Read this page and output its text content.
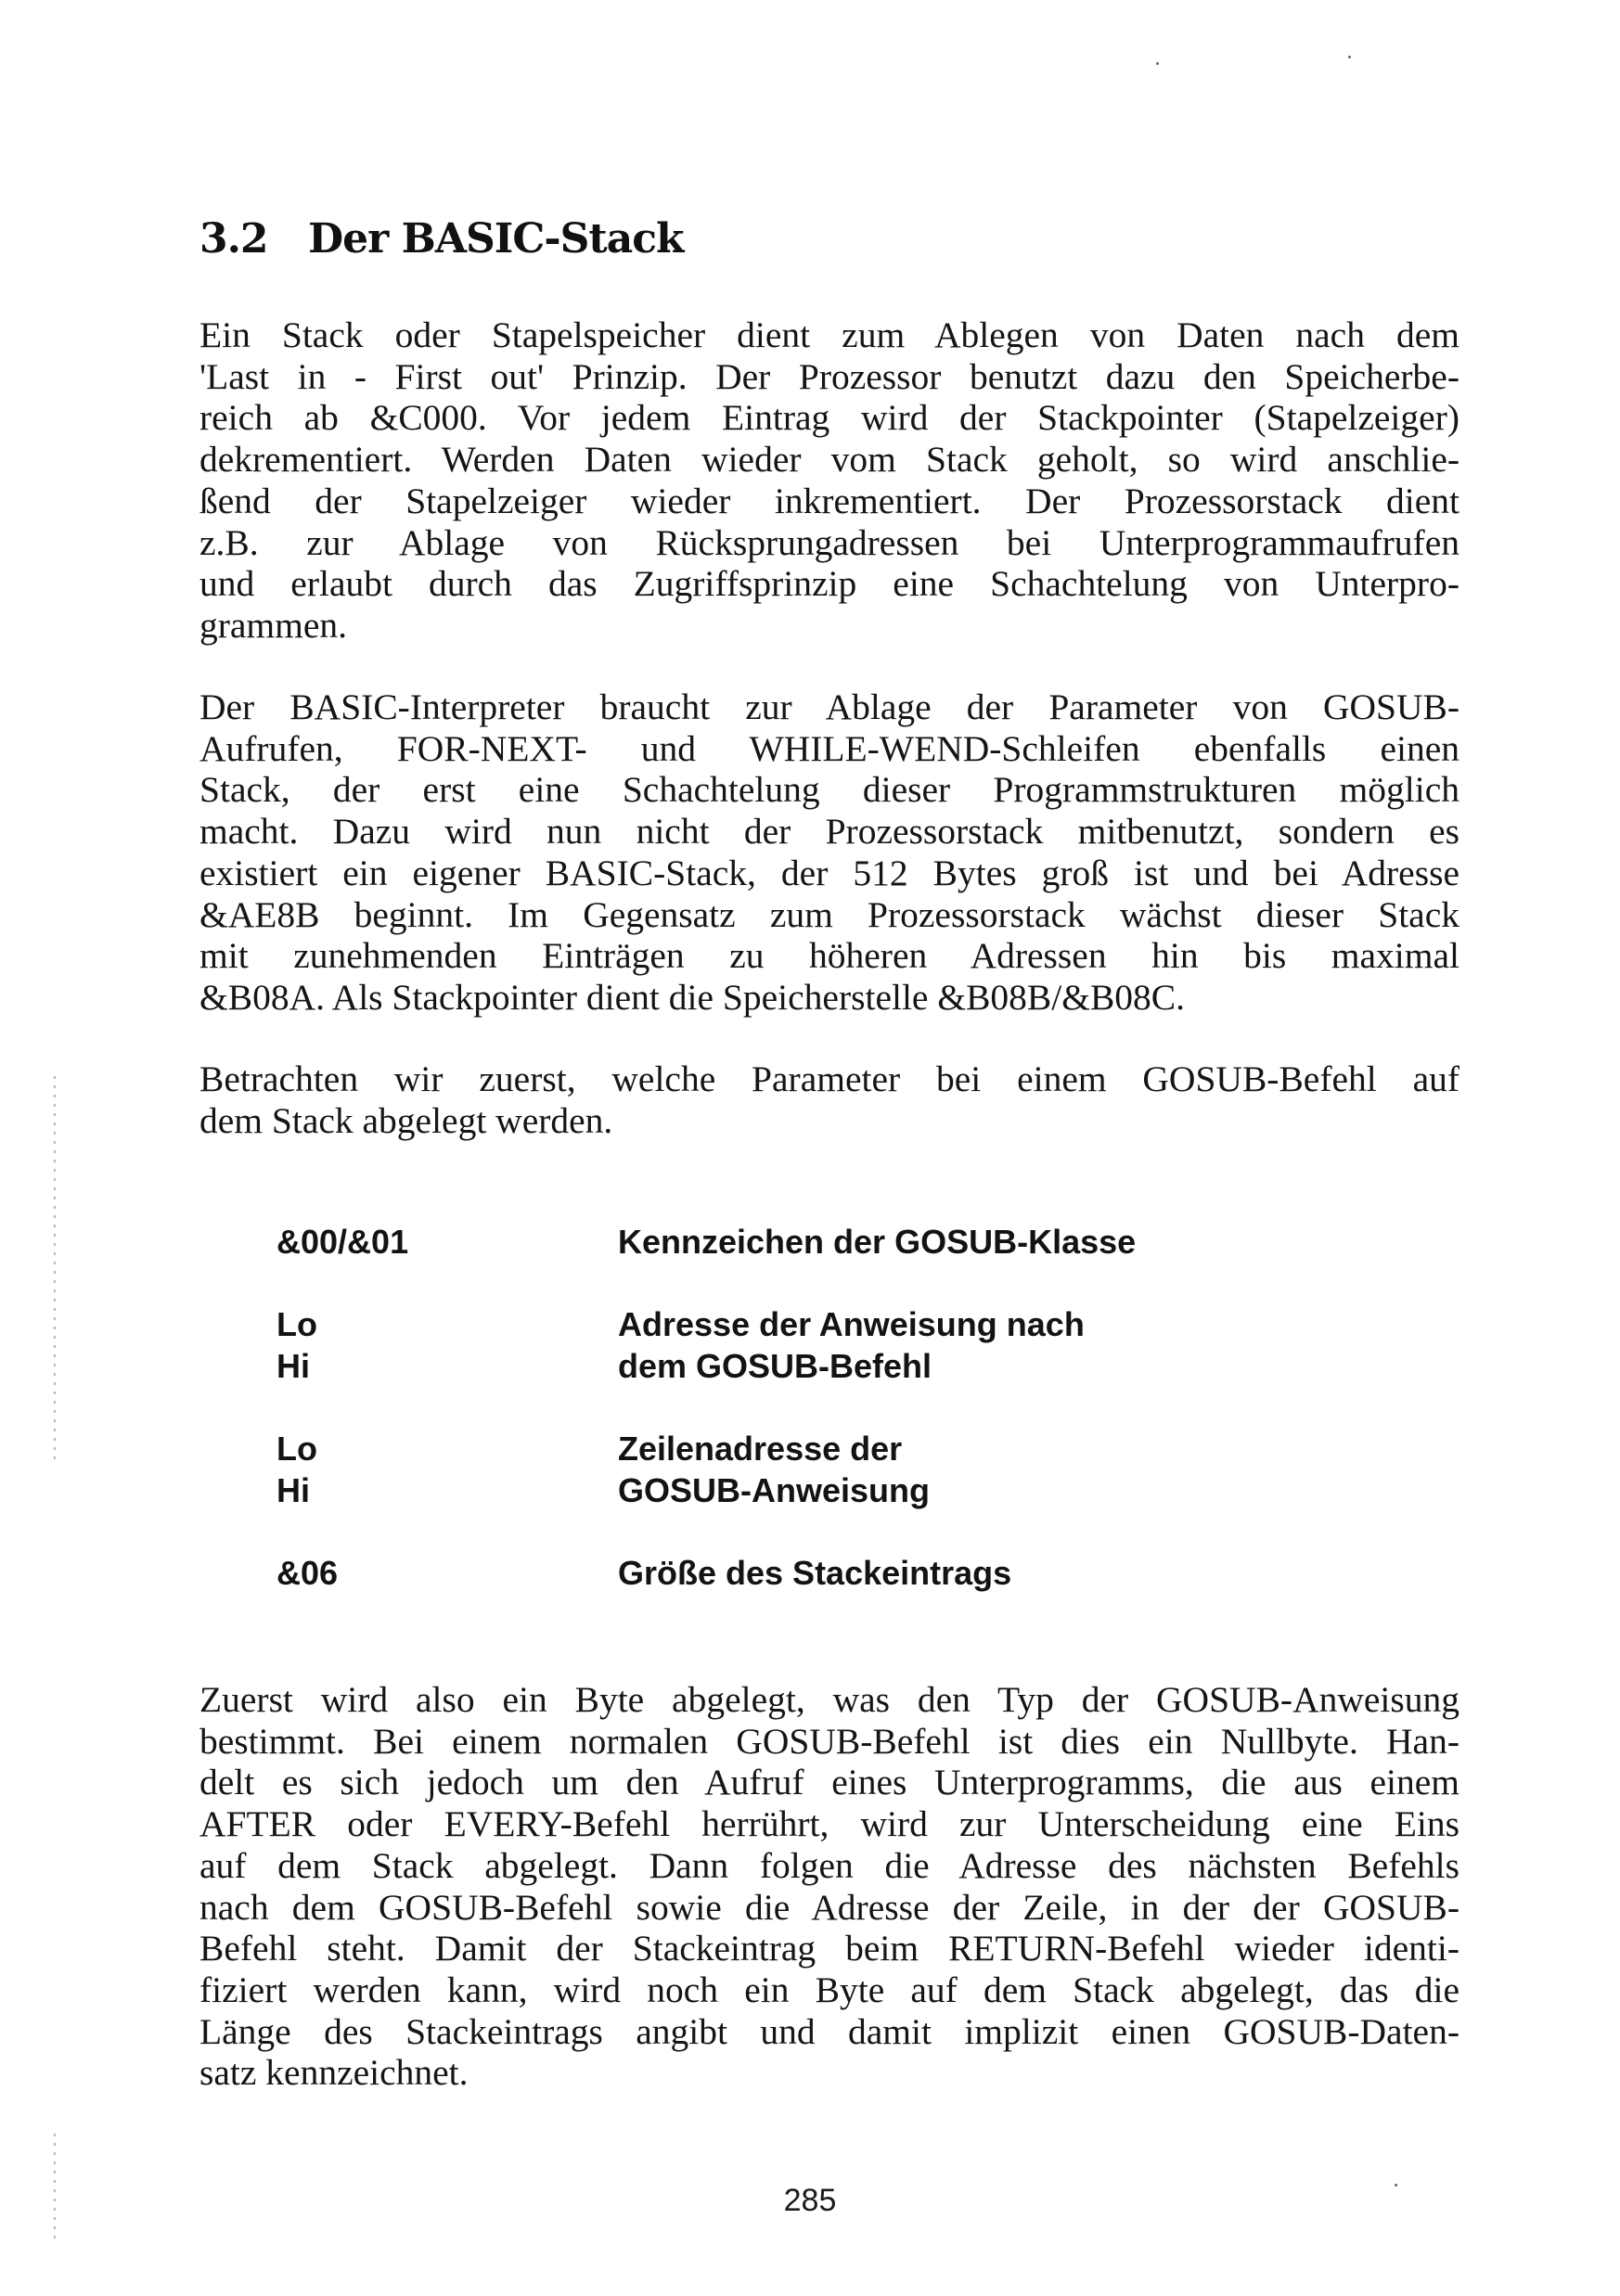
3.2 Der BASIC-Stack

Ein Stack oder Stapelspeicher dient zum Ablegen von Daten nach dem
'Last in - First out' Prinzip. Der Prozessor benutzt dazu den Speicherbe-
reich ab &C000. Vor jedem Eintrag wird der Stackpointer (Stapelzeiger)
dekrementiert. Werden Daten wieder vom Stack geholt, so wird anschlie-
ßend der Stapelzeiger wieder inkrementiert. Der Prozessorstack dient
z.B. zur Ablage von Rücksprungadressen bei Unterprogrammaufrufen
und erlaubt durch das Zugriffsprinzip eine Schachtelung von Unterpro-
grammen.

Der BASIC-Interpreter braucht zur Ablage der Parameter von GOSUB-
Aufrufen, FOR-NEXT- und WHILE-WEND-Schleifen ebenfalls einen
Stack, der erst eine Schachtelung dieser Programmstrukturen möglich
macht. Dazu wird nun nicht der Prozessorstack mitbenutzt, sondern es
existiert ein eigener BASIC-Stack, der 512 Bytes groß ist und bei Adresse
&AE8B beginnt. Im Gegensatz zum Prozessorstack wächst dieser Stack
mit zunehmenden Einträgen zu höheren Adressen hin bis maximal
&B08A. Als Stackpointer dient die Speicherstelle &B08B/&B08C.

Betrachten wir zuerst, welche Parameter bei einem GOSUB-Befehl auf
dem Stack abgelegt werden.

&00/&01	Kennzeichen der GOSUB-Klasse
Lo
Hi
Adresse der Anweisung nach
dem GOSUB-Befehl
Lo
Hi
Zeilenadresse der
GOSUB-Anweisung
&06	Größe des Stackeintrags

Zuerst wird also ein Byte abgelegt, was den Typ der GOSUB-Anweisung
bestimmt. Bei einem normalen GOSUB-Befehl ist dies ein Nullbyte. Han-
delt es sich jedoch um den Aufruf eines Unterprogramms, die aus einem
AFTER oder EVERY-Befehl herrührt, wird zur Unterscheidung eine Eins
auf dem Stack abgelegt. Dann folgen die Adresse des nächsten Befehls
nach dem GOSUB-Befehl sowie die Adresse der Zeile, in der der GOSUB-
Befehl steht. Damit der Stackeintrag beim RETURN-Befehl wieder identi-
fiziert werden kann, wird noch ein Byte auf dem Stack abgelegt, das die
Länge des Stackeintrags angibt und damit implizit einen GOSUB-Daten-
satz kennzeichnet.

285
